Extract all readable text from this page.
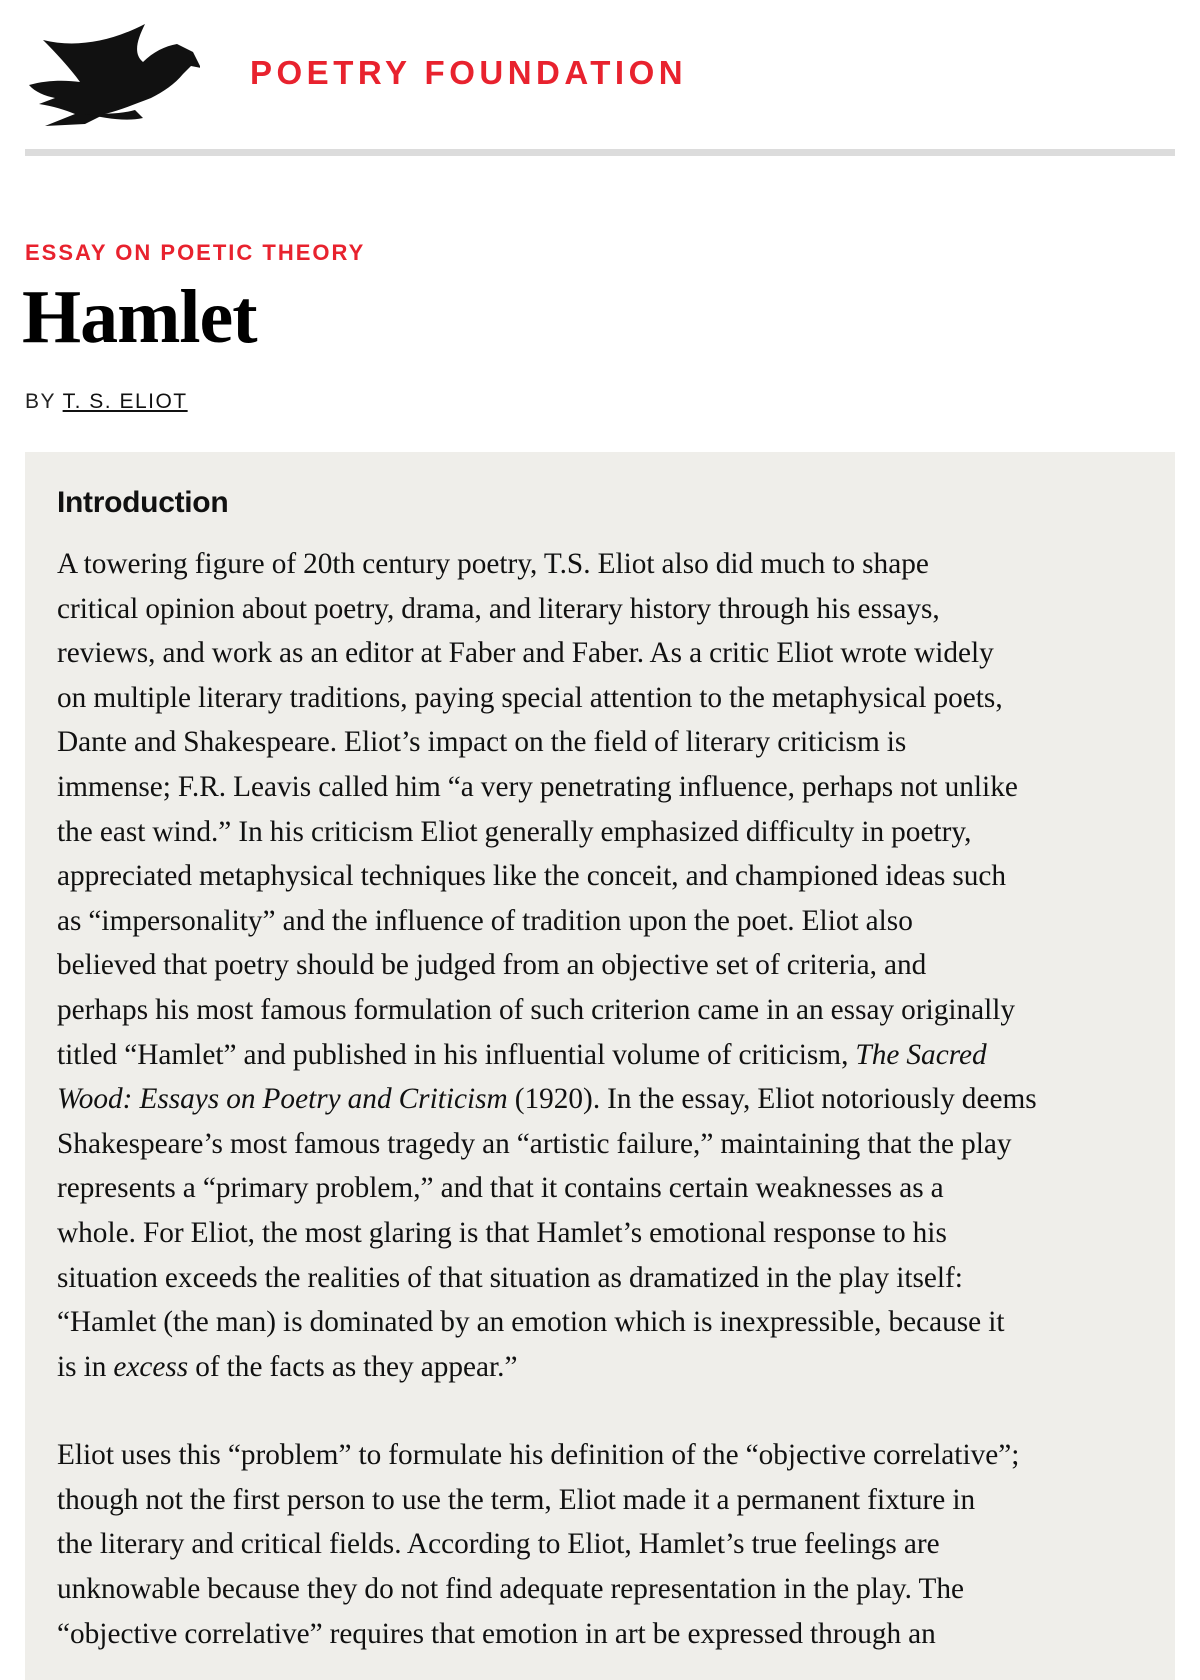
POETRY FOUNDATION
ESSAY ON POETIC THEORY
Hamlet
BY T. S. ELIOT
Introduction

A towering figure of 20th century poetry, T.S. Eliot also did much to shape
critical opinion about poetry, drama, and literary history through his essays,
reviews, and work as an editor at Faber and Faber. As a critic Eliot wrote widely
on multiple literary traditions, paying special attention to the metaphysical poets,
Dante and Shakespeare. Eliot’s impact on the field of literary criticism is
immense; F.R. Leavis called him “a very penetrating influence, perhaps not unlike
the east wind.” In his criticism Eliot generally emphasized difficulty in poetry,
appreciated metaphysical techniques like the conceit, and championed ideas such
as “impersonality” and the influence of tradition upon the poet. Eliot also
believed that poetry should be judged from an objective set of criteria, and
perhaps his most famous formulation of such criterion came in an essay originally
titled “Hamlet” and published in his influential volume of criticism, The Sacred
Wood: Essays on Poetry and Criticism (1920). In the essay, Eliot notoriously deems
Shakespeare’s most famous tragedy an “artistic failure,” maintaining that the play
represents a “primary problem,” and that it contains certain weaknesses as a
whole. For Eliot, the most glaring is that Hamlet’s emotional response to his
situation exceeds the realities of that situation as dramatized in the play itself:
“Hamlet (the man) is dominated by an emotion which is inexpressible, because it
is in excess of the facts as they appear.”

Eliot uses this “problem” to formulate his definition of the “objective correlative”;
though not the first person to use the term, Eliot made it a permanent fixture in
the literary and critical fields. According to Eliot, Hamlet’s true feelings are
unknowable because they do not find adequate representation in the play. The
“objective correlative” requires that emotion in art be expressed through an
